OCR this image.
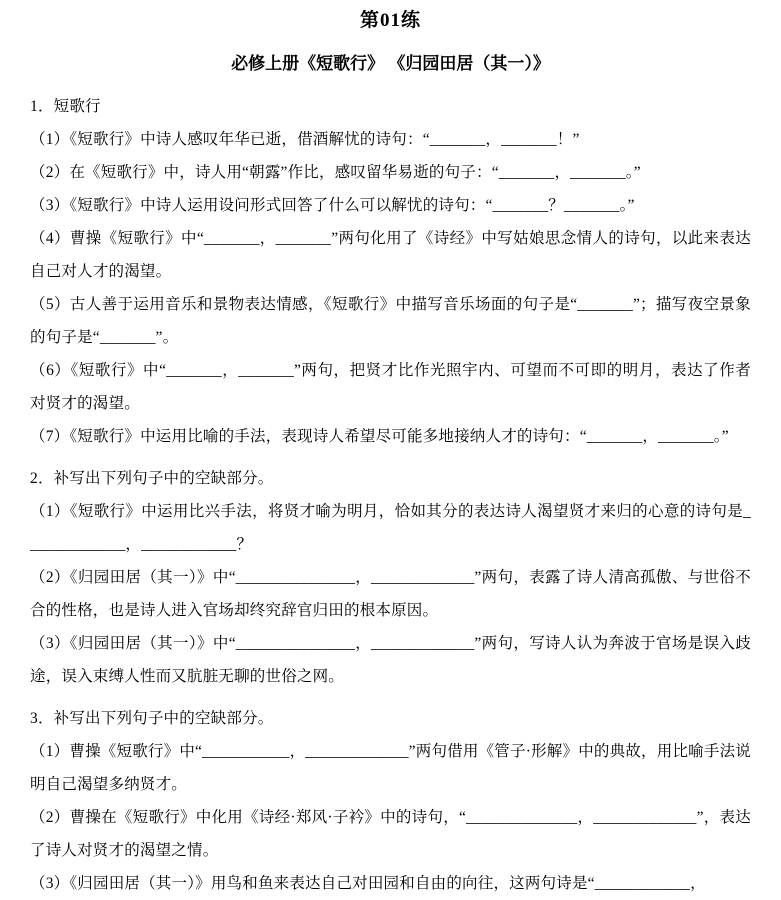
第01练
必修上册《短歌行》 《归园田居（其一）》

1．短歌行

（1）《短歌行》中诗人感叹年华已逝，借酒解忧的诗句：“_______，_______！”

（2）在《短歌行》中，诗人用“朝露”作比，感叹留华易逝的句子：“_______，_______。”

（3）《短歌行》中诗人运用设问形式回答了什么可以解忧的诗句：“_______？_______。”

（4）曹操《短歌行》中“_______，_______”两句化用了《诗经》中写姑娘思念情人的诗句，以此来表达自己对人才的渴望。

（5）古人善于运用音乐和景物表达情感，《短歌行》中描写音乐场面的句子是“_______”；描写夜空景象的句子是“_______”。

（6）《短歌行》中“_______，_______”两句，把贤才比作光照宇内、可望而不可即的明月，表达了作者对贤才的渴望。

（7）《短歌行》中运用比喻的手法，表现诗人希望尽可能多地接纳人才的诗句：“_______，_______。”

2．补写出下列句子中的空缺部分。

（1）《短歌行》中运用比兴手法，将贤才喻为明月，恰如其分的表达诗人渴望贤才来归的心意的诗句是_____________，____________？

（2）《归园田居（其一）》中“_______________，_____________”两句，表露了诗人清高孤傲、与世俗不合的性格，也是诗人进入官场却终究辞官归田的根本原因。

（3）《归园田居（其一）》中“_______________，_____________”两句，写诗人认为奔波于官场是误入歧途，误入束缚人性而又肮脏无聊的世俗之网。

3．补写出下列句子中的空缺部分。

（1）曹操《短歌行》中“___________，_____________”两句借用《管子·形解》中的典故，用比喻手法说明自己渴望多纳贤才。

（2）曹操在《短歌行》中化用《诗经·郑风·子衿》中的诗句，“______________，_____________”，表达了诗人对贤才的渴望之情。

（3）《归园田居（其一）》用鸟和鱼来表达自己对田园和自由的向往，这两句诗是“____________，
